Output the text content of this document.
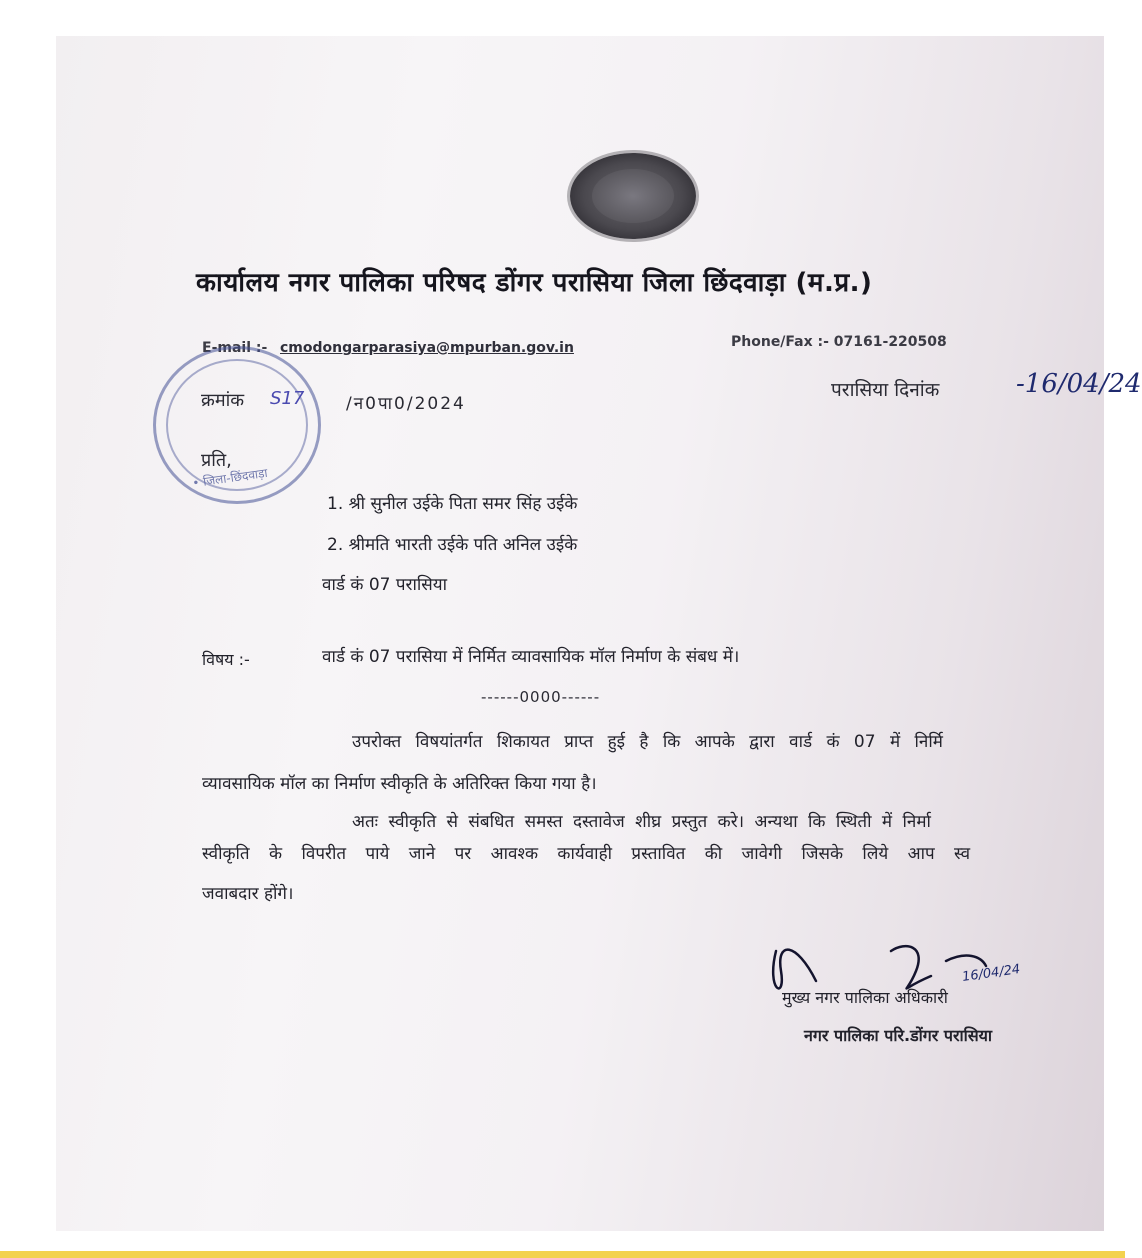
कार्यालय नगर पालिका परिषद डोंगर परासिया जिला छिंदवाड़ा (म.प्र.)
E-mail :- cmodongarparasiya@mpurban.gov.in	Phone/Fax :- 07161-220508
• जिला-छिंदवाड़ा
क्रमांक S17 /न0पा0/2024
परासिया दिनांक	-16/04/24
प्रति,
1. श्री सुनील उईके पिता समर सिंह उईके
2. श्रीमति भारती उईके पति अनिल उईके
वार्ड कं 07 परासिया
विषय :-	वार्ड कं 07 परासिया में निर्मित व्यावसायिक मॉल निर्माण के संबध में।
------0000------
उपरोक्त विषयांतर्गत शिकायत प्राप्त हुई है कि आपके द्वारा वार्ड कं 07 में निर्मि
व्यावसायिक मॉल का निर्माण स्वीकृति के अतिरिक्त किया गया है।
अतः स्वीकृति से संबधित समस्त दस्तावेज शीघ्र प्रस्तुत करे। अन्यथा कि स्थिती में निर्मा
स्वीकृति के विपरीत पाये जाने पर आवश्क कार्यवाही प्रस्तावित की जावेगी जिसके लिये आप स्व
जवाबदार होंगे।
16/04/24
मुख्य नगर पालिका अधिकारी
नगर पालिका परि.डोंगर परासिया
